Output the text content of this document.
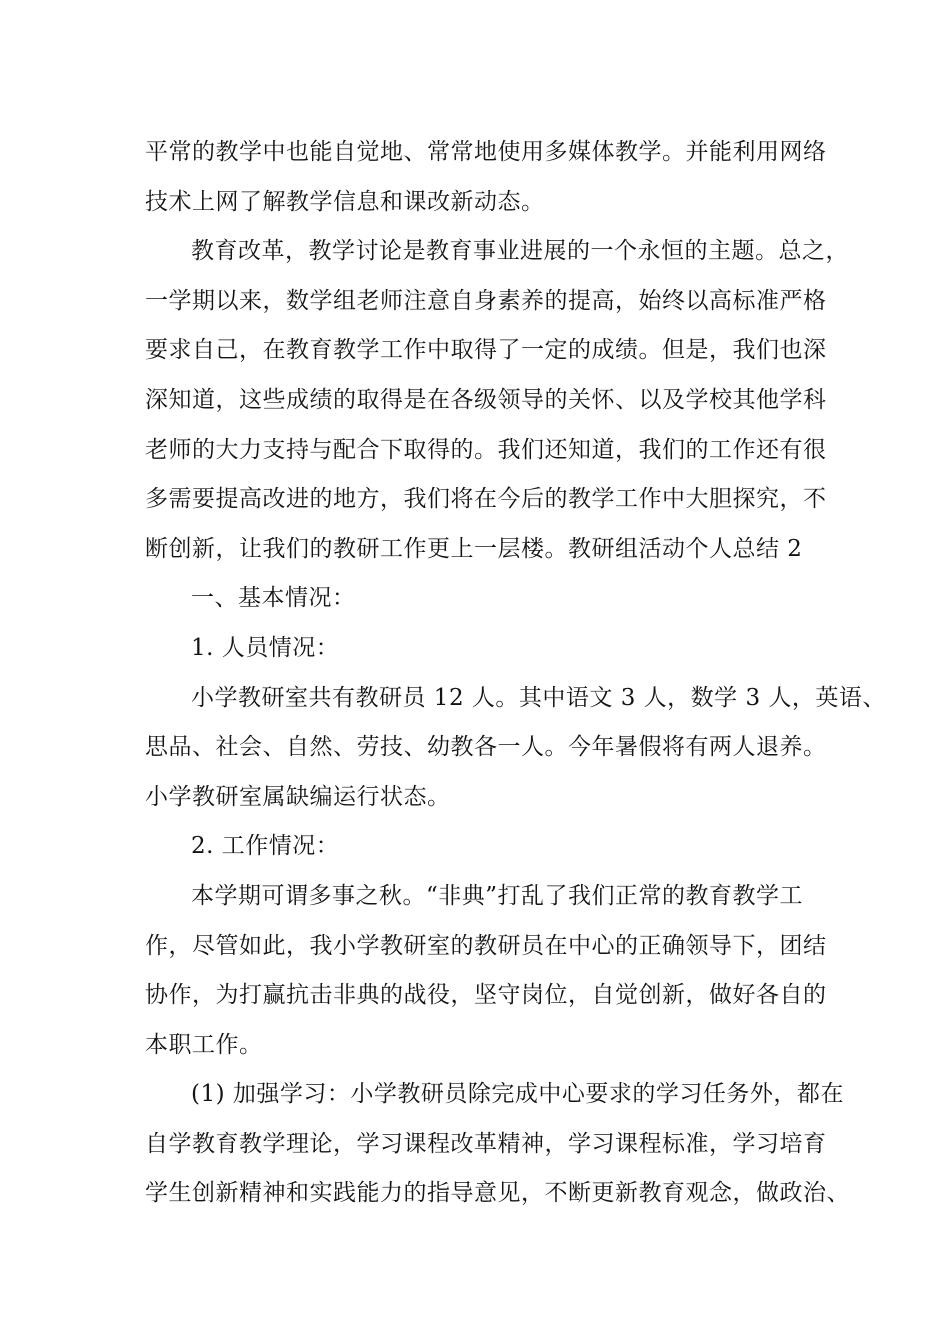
平常的教学中也能自觉地、常常地使用多媒体教学。并能利用网络
技术上网了解教学信息和课改新动态。

教育改革，教学讨论是教育事业进展的一个永恒的主题。总之，
一学期以来，数学组老师注意自身素养的提高，始终以高标准严格
要求自己，在教育教学工作中取得了一定的成绩。但是，我们也深
深知道，这些成绩的取得是在各级领导的关怀、以及学校其他学科
老师的大力支持与配合下取得的。我们还知道，我们的工作还有很
多需要提高改进的地方，我们将在今后的教学工作中大胆探究，不
断创新，让我们的教研工作更上一层楼。教研组活动个人总结 2

一、基本情况：

1. 人员情况：

小学教研室共有教研员 12 人。其中语文 3 人，数学 3 人，英语、
思品、社会、自然、劳技、幼教各一人。今年暑假将有两人退养。
小学教研室属缺编运行状态。

2. 工作情况：

本学期可谓多事之秋。“非典”打乱了我们正常的教育教学工
作，尽管如此，我小学教研室的教研员在中心的正确领导下，团结
协作，为打赢抗击非典的战役，坚守岗位，自觉创新，做好各自的
本职工作。

(1) 加强学习：小学教研员除完成中心要求的学习任务外，都在
自学教育教学理论，学习课程改革精神，学习课程标准，学习培育
学生创新精神和实践能力的指导意见，不断更新教育观念，做政治、
